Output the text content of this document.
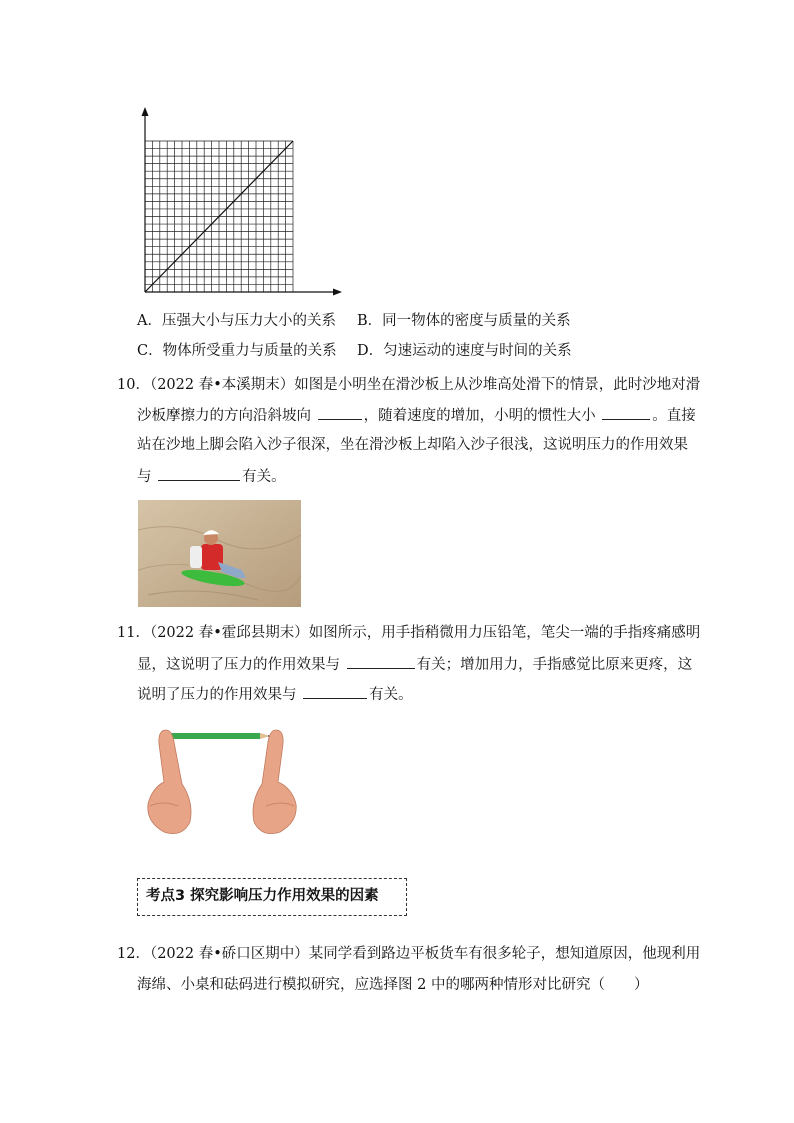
A．压强大小与压力大小的关系 B．同一物体的密度与质量的关系
C．物体所受重力与质量的关系 D．匀速运动的速度与时间的关系
10．（2022 春•本溪期末）如图是小明坐在滑沙板上从沙堆高处滑下的情景，此时沙地对滑
沙板摩擦力的方向沿斜坡向	，随着速度的增加，小明的惯性大小	。直接
站在沙地上脚会陷入沙子很深，坐在滑沙板上却陷入沙子很浅，这说明压力的作用效果
与	有关。
11．（2022 春•霍邱县期末）如图所示，用手指稍微用力压铅笔，笔尖一端的手指疼痛感明
显，这说明了压力的作用效果与	有关；增加用力，手指感觉比原来更疼，这
说明了压力的作用效果与	有关。
考点3 探究影响压力作用效果的因素
12．（2022 春•硚口区期中）某同学看到路边平板货车有很多轮子，想知道原因，他现利用
海绵、小桌和砝码进行模拟研究，应选择图 2 中的哪两种情形对比研究（　　）
